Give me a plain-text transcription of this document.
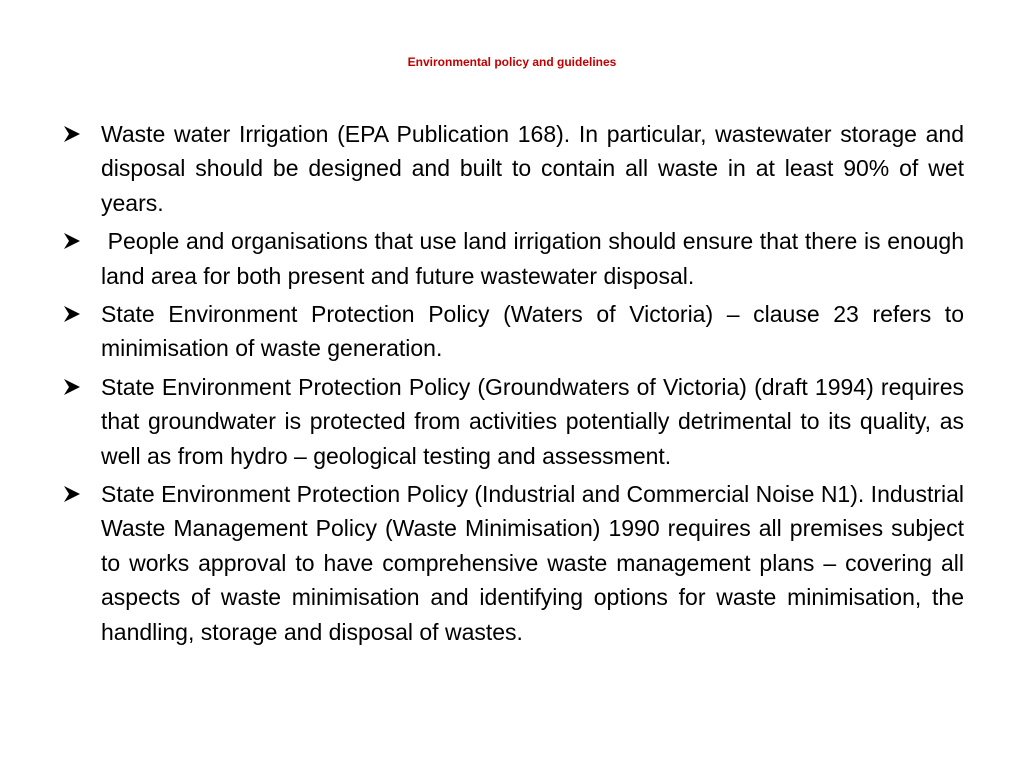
Environmental policy and guidelines
Waste water Irrigation (EPA Publication 168). In particular, wastewater storage and disposal should be designed and built to contain all waste in at least 90% of wet years.
People and organisations that use land irrigation should ensure that there is enough land area for both present and future wastewater disposal.
State Environment Protection Policy (Waters of Victoria) – clause 23 refers to minimisation of waste generation.
State Environment Protection Policy (Groundwaters of Victoria) (draft 1994) requires that groundwater is protected from activities potentially detrimental to its quality, as well as from hydro – geological testing and assessment.
State Environment Protection Policy (Industrial and Commercial Noise N1). Industrial Waste Management Policy (Waste Minimisation) 1990 requires all premises subject to works approval to have comprehensive waste management plans – covering all aspects of waste minimisation and identifying options for waste minimisation, the handling, storage and disposal of wastes.
